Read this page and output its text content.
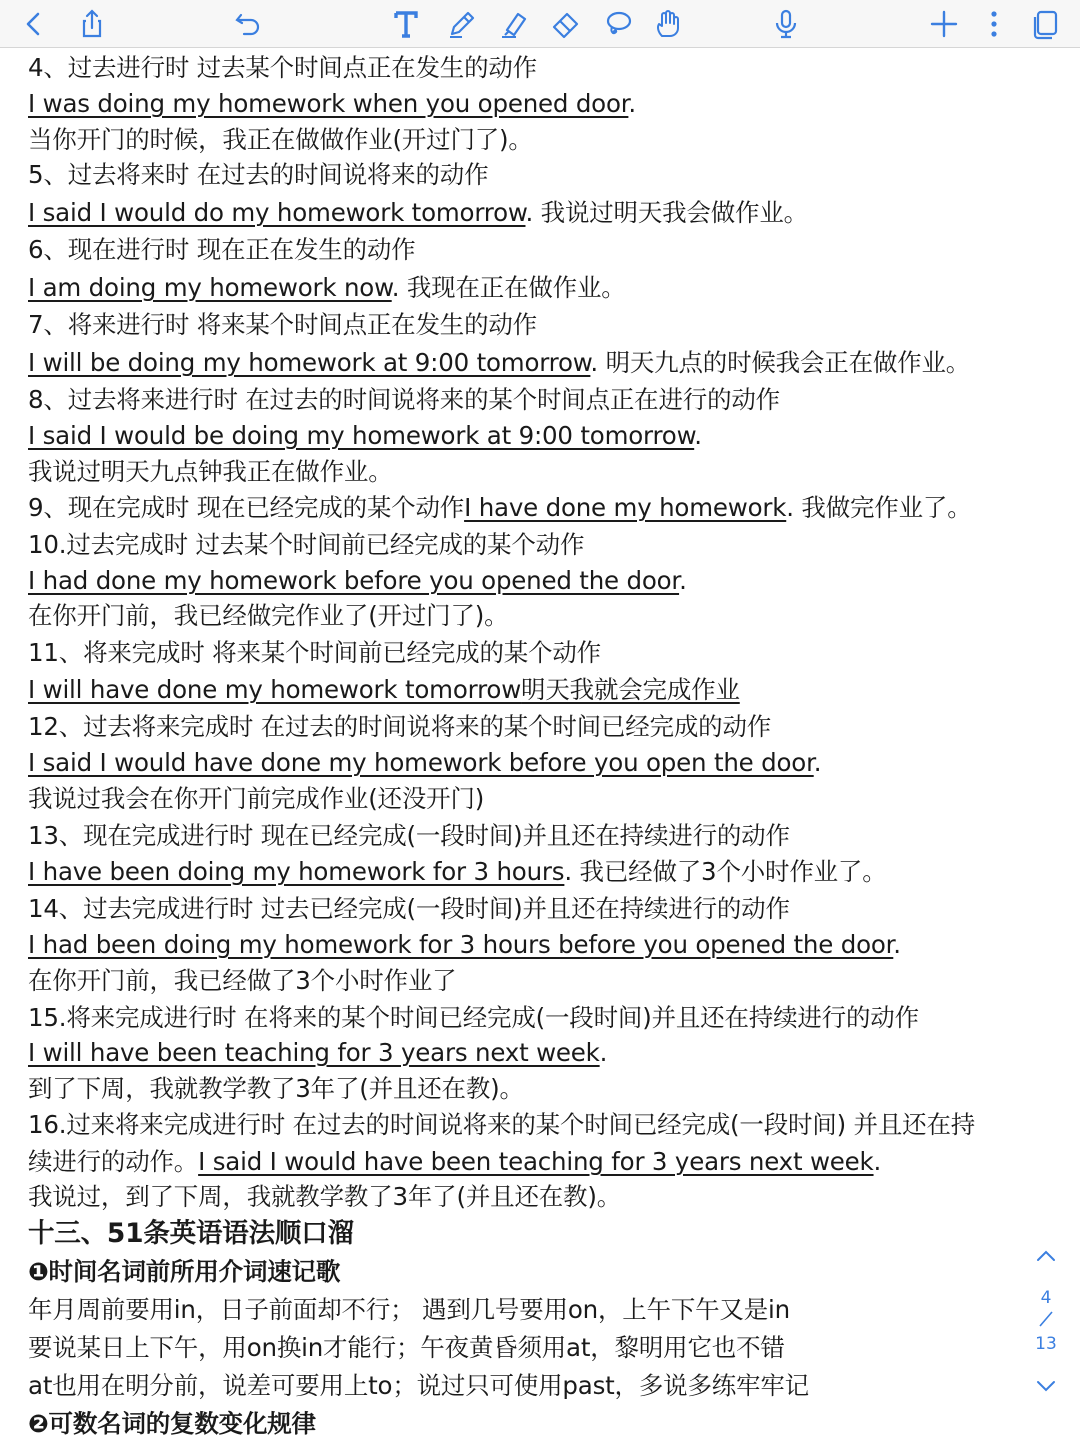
4、过去进行时 过去某个时间点正在发生的动作
I was doing my homework when you opened door.
当你开门的时候，我正在做做作业(开过门了)。
5、过去将来时 在过去的时间说将来的动作
I said I would do my homework tomorrow. 我说过明天我会做作业。
6、现在进行时 现在正在发生的动作
I am doing my homework now. 我现在正在做作业。
7、将来进行时 将来某个时间点正在发生的动作
I will be doing my homework at 9:00 tomorrow. 明天九点的时候我会正在做作业。
8、过去将来进行时 在过去的时间说将来的某个时间点正在进行的动作
I said I would be doing my homework at 9:00 tomorrow.
我说过明天九点钟我正在做作业。
9、现在完成时 现在已经完成的某个动作I have done my homework. 我做完作业了。
10.过去完成时 过去某个时间前已经完成的某个动作
I had done my homework before you opened the door.
在你开门前，我已经做完作业了(开过门了)。
11、将来完成时 将来某个时间前已经完成的某个动作
I will have done my homework tomorrow明天我就会完成作业
12、过去将来完成时 在过去的时间说将来的某个时间已经完成的动作
I said I would have done my homework before you open the door.
我说过我会在你开门前完成作业(还没开门)
13、现在完成进行时 现在已经完成(一段时间)并且还在持续进行的动作
I have been doing my homework for 3 hours. 我已经做了3个小时作业了。
14、过去完成进行时 过去已经完成(一段时间)并且还在持续进行的动作
I had been doing my homework for 3 hours before you opened the door.
在你开门前，我已经做了3个小时作业了
15.将来完成进行时 在将来的某个时间已经完成(一段时间)并且还在持续进行的动作
I will have been teaching for 3 years next week.
到了下周，我就教学教了3年了(并且还在教)。
16.过来将来完成进行时 在过去的时间说将来的某个时间已经完成(一段时间) 并且还在持
续进行的动作。I said I would have been teaching for 3 years next week.
我说过，到了下周，我就教学教了3年了(并且还在教)。
十三、51条英语语法顺口溜
❶时间名词前所用介词速记歌
年月周前要用in，日子前面却不行； 遇到几号要用on，上午下午又是in
要说某日上下午，用on换in才能行；午夜黄昏须用at，黎明用它也不错
at也用在明分前，说差可要用上to；说过只可使用past，多说多练牢牢记
❷可数名词的复数变化规律
4
13
